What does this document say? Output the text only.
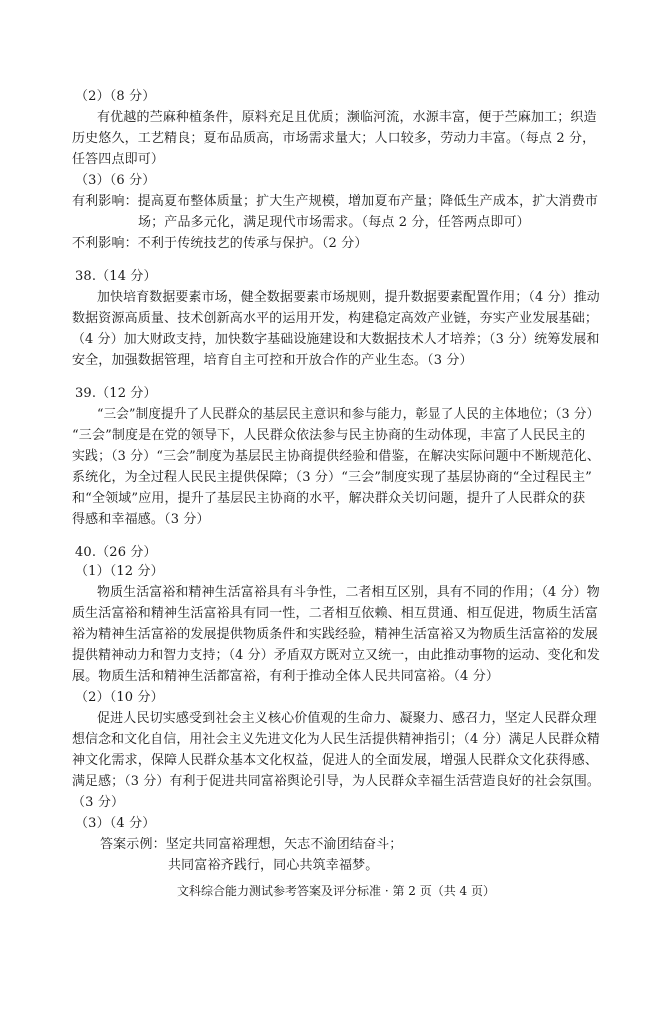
（2）（8 分）
有优越的苎麻种植条件，原料充足且优质；濒临河流，水源丰富，便于苎麻加工；织造
历史悠久，工艺精良；夏布品质高，市场需求量大；人口较多，劳动力丰富。（每点 2 分，
任答四点即可）
（3）（6 分）
有利影响：提高夏布整体质量；扩大生产规模，增加夏布产量；降低生产成本，扩大消费市
场；产品多元化，满足现代市场需求。（每点 2 分，任答两点即可）
不利影响：不利于传统技艺的传承与保护。（2 分）
38.（14 分）
加快培育数据要素市场，健全数据要素市场规则，提升数据要素配置作用；（4 分）推动
数据资源高质量、技术创新高水平的运用开发，构建稳定高效产业链，夯实产业发展基础；
（4 分）加大财政支持，加快数字基础设施建设和大数据技术人才培养；（3 分）统筹发展和
安全，加强数据管理，培育自主可控和开放合作的产业生态。（3 分）
39.（12 分）
“三会”制度提升了人民群众的基层民主意识和参与能力，彰显了人民的主体地位；（3 分）
“三会”制度是在党的领导下，人民群众依法参与民主协商的生动体现，丰富了人民民主的
实践；（3 分）“三会”制度为基层民主协商提供经验和借鉴，在解决实际问题中不断规范化、
系统化，为全过程人民民主提供保障；（3 分）“三会”制度实现了基层协商的“全过程民主”
和“全领域”应用，提升了基层民主协商的水平，解决群众关切问题，提升了人民群众的获
得感和幸福感。（3 分）
40.（26 分）
（1）（12 分）
物质生活富裕和精神生活富裕具有斗争性，二者相互区别，具有不同的作用；（4 分）物
质生活富裕和精神生活富裕具有同一性，二者相互依赖、相互贯通、相互促进，物质生活富
裕为精神生活富裕的发展提供物质条件和实践经验，精神生活富裕又为物质生活富裕的发展
提供精神动力和智力支持；（4 分）矛盾双方既对立又统一，由此推动事物的运动、变化和发
展。物质生活和精神生活都富裕，有利于推动全体人民共同富裕。（4 分）
（2）（10 分）
促进人民切实感受到社会主义核心价值观的生命力、凝聚力、感召力，坚定人民群众理
想信念和文化自信，用社会主义先进文化为人民生活提供精神指引；（4 分）满足人民群众精
神文化需求，保障人民群众基本文化权益，促进人的全面发展，增强人民群众文化获得感、
满足感；（3 分）有利于促进共同富裕舆论引导，为人民群众幸福生活营造良好的社会氛围。
（3 分）
（3）（4 分）
答案示例：坚定共同富裕理想，矢志不渝团结奋斗；
共同富裕齐践行，同心共筑幸福梦。
文科综合能力测试参考答案及评分标准 · 第 2 页（共 4 页）
